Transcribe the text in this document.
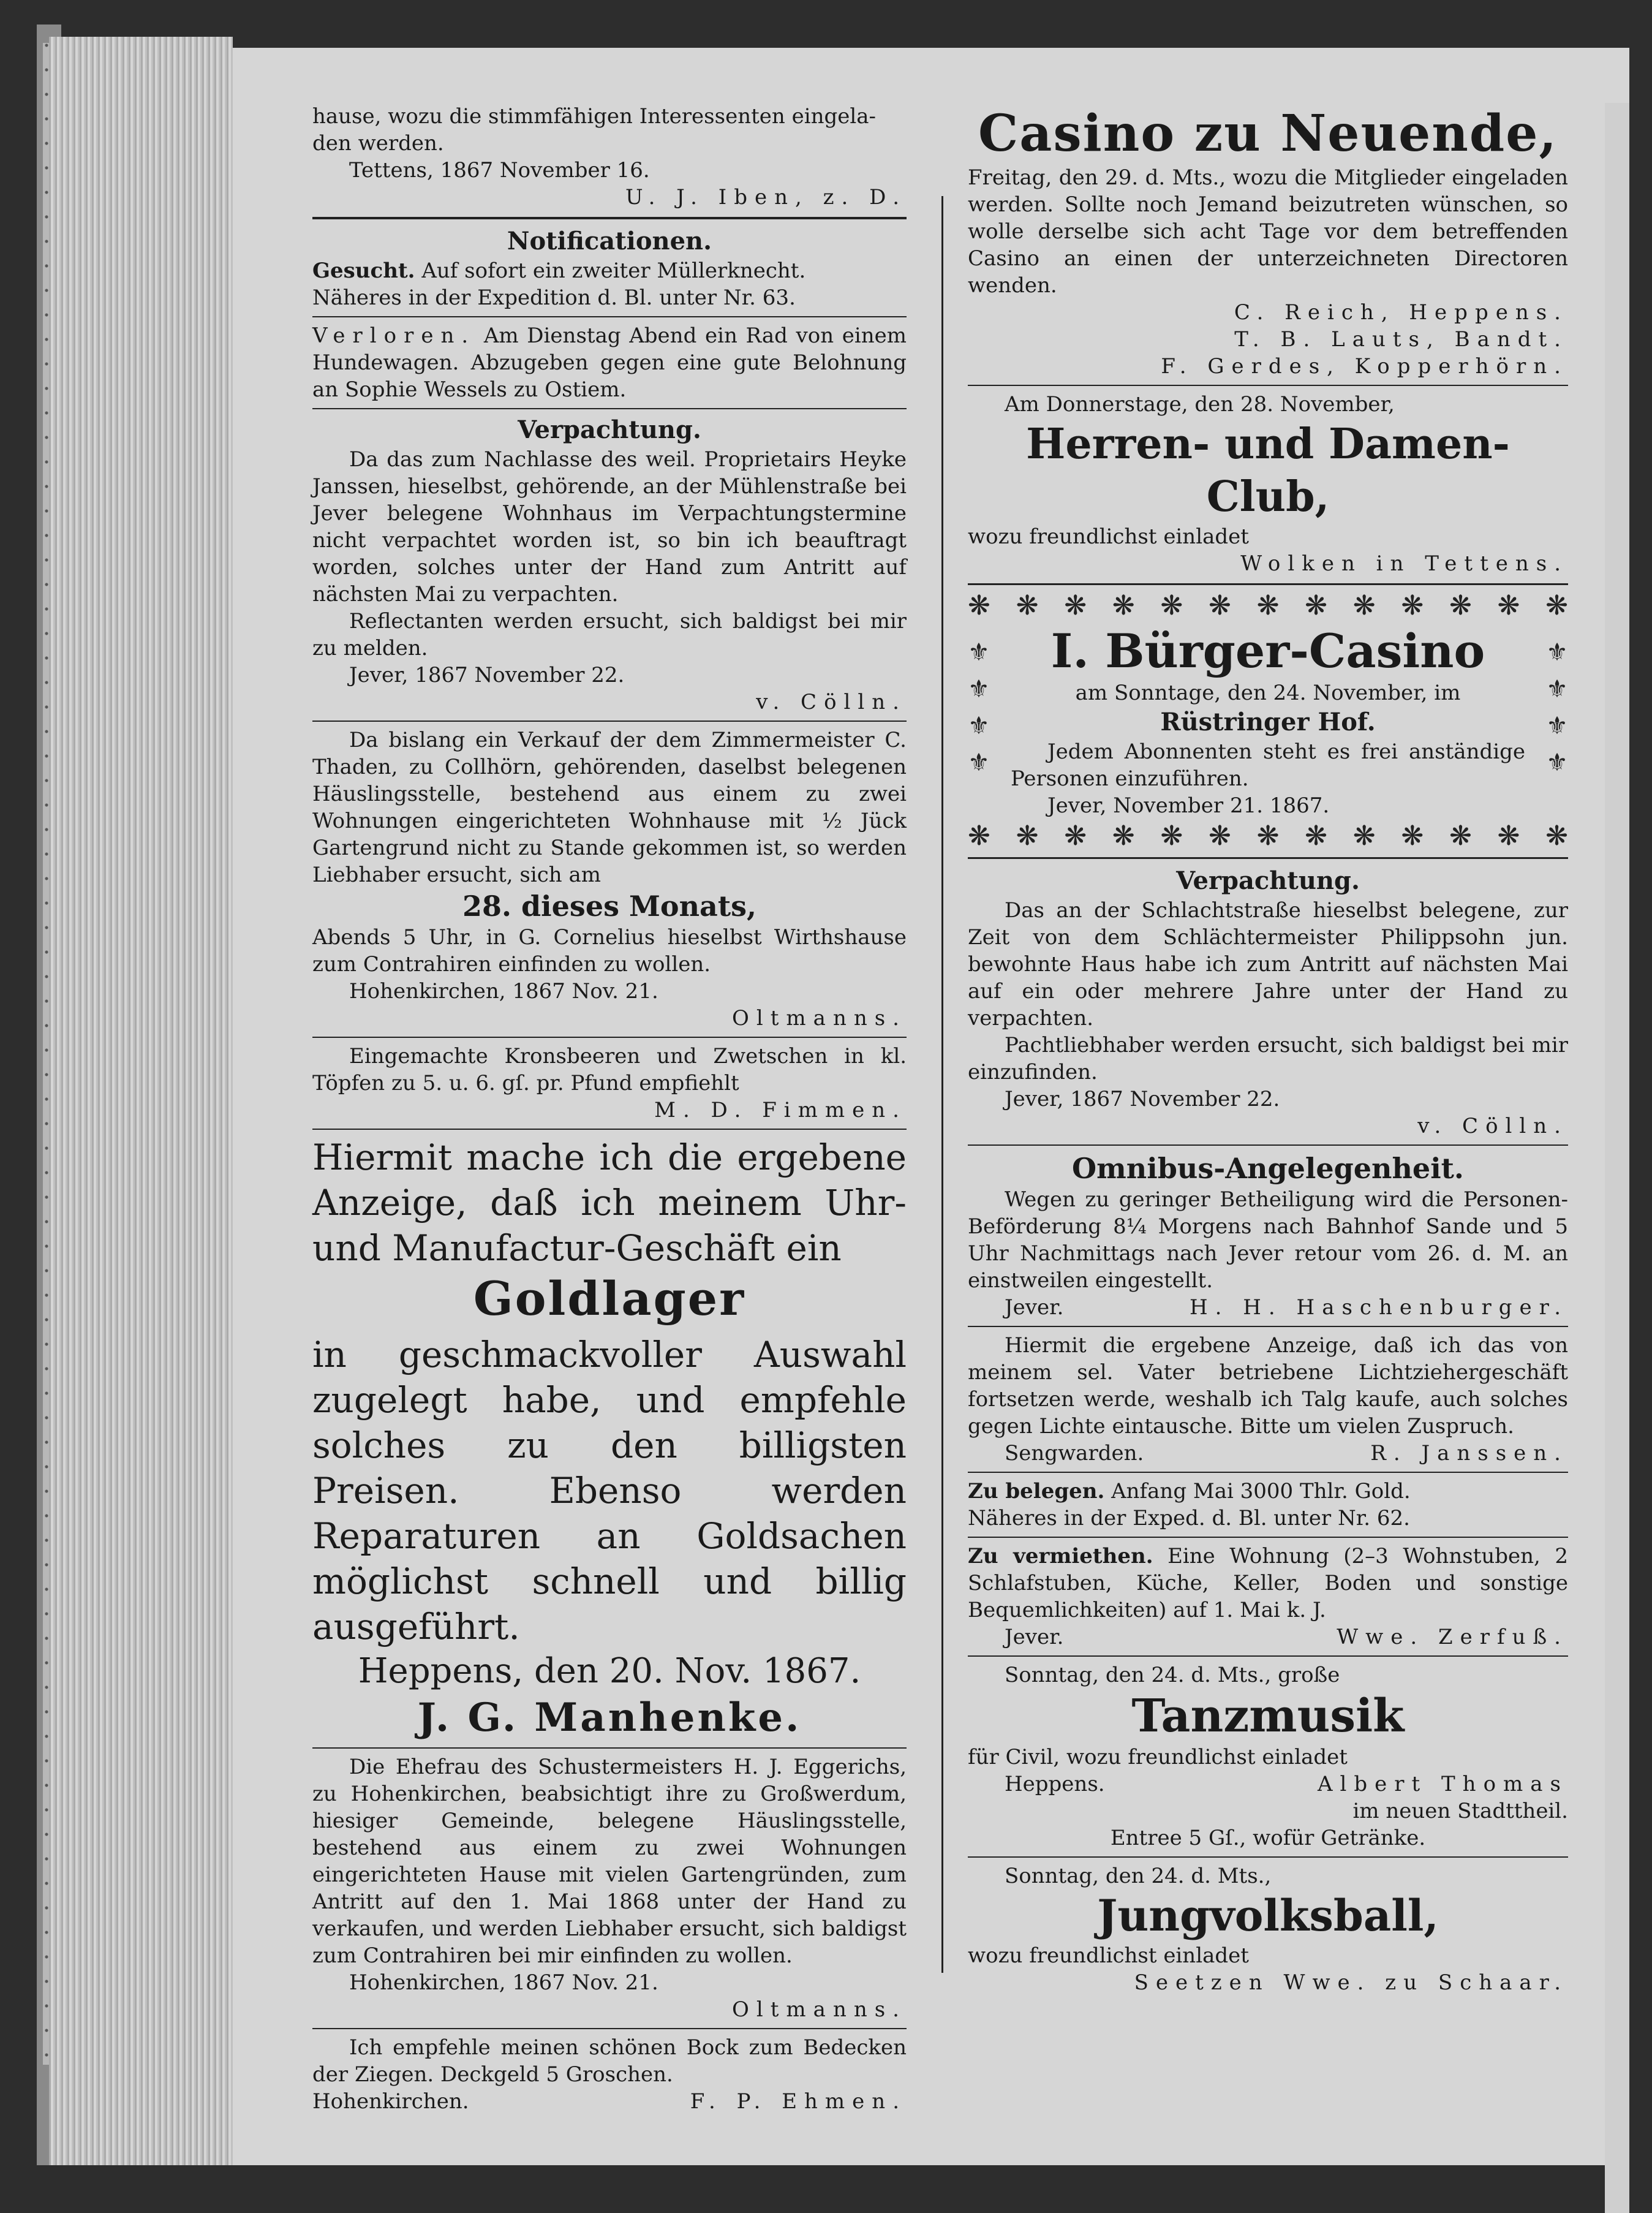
hause, wozu die stimmfähigen Interessenten eingela-

den werden.

Tettens, 1867 November 16.

U. J. Iben, z. D.

Notificationen.

Gesucht. Auf sofort ein zweiter Müllerknecht.

Näheres in der Expedition d. Bl. unter Nr. 63.

Verloren. Am Dienstag Abend ein Rad von einem Hundewagen. Abzugeben gegen eine gute Belohnung an Sophie Wessels zu Ostiem.

Verpachtung.

Da das zum Nachlasse des weil. Proprietairs Heyke Janssen, hieselbst, gehörende, an der Mühlenstraße bei Jever belegene Wohnhaus im Verpachtungstermine nicht verpachtet worden ist, so bin ich beauftragt worden, solches unter der Hand zum Antritt auf nächsten Mai zu verpachten.

Reflectanten werden ersucht, sich baldigst bei mir zu melden.

Jever, 1867 November 22.

v. Cölln.

Da bislang ein Verkauf der dem Zimmermeister C. Thaden, zu Collhörn, gehörenden, daselbst belegenen Häuslingsstelle, bestehend aus einem zu zwei Wohnungen eingerichteten Wohnhause mit ½ Jück Gartengrund nicht zu Stande gekommen ist, so werden Liebhaber ersucht, sich am

28. dieses Monats,

Abends 5 Uhr, in G. Cornelius hieselbst Wirthshause zum Contrahiren einfinden zu wollen.

Hohenkirchen, 1867 Nov. 21.

Oltmanns.

Eingemachte Kronsbeeren und Zwetschen in kl. Töpfen zu 5. u. 6. gſ. pr. Pfund empfiehlt

M. D. Fimmen.

Hiermit mache ich die ergebene Anzeige, daß ich meinem Uhr- und Manufactur-Geschäft ein
Goldlager
in geschmackvoller Auswahl zugelegt habe, und empfehle solches zu den billigsten Preisen. Ebenso werden Reparaturen an Goldsachen möglichst schnell und billig ausgeführt.
Heppens, den 20. Nov. 1867.
J. G. Manhenke.

Die Ehefrau des Schustermeisters H. J. Eggerichs, zu Hohenkirchen, beabsichtigt ihre zu Großwerdum, hiesiger Gemeinde, belegene Häuslingsstelle, bestehend aus einem zu zwei Wohnungen eingerichteten Hause mit vielen Gartengründen, zum Antritt auf den 1. Mai 1868 unter der Hand zu verkaufen, und werden Liebhaber ersucht, sich baldigst zum Contrahiren bei mir einfinden zu wollen.

Hohenkirchen, 1867 Nov. 21.

Oltmanns.

Ich empfehle meinen schönen Bock zum Bedecken der Ziegen. Deckgeld 5 Groschen.

Hohenkirchen.	F. P. Ehmen.
Casino zu Neuende,

Freitag, den 29. d. Mts., wozu die Mitglieder eingeladen werden. Sollte noch Jemand beizutreten wünschen, so wolle derselbe sich acht Tage vor dem betreffenden Casino an einen der unterzeichneten Directoren wenden.

C. Reich, Heppens.

T. B. Lauts, Bandt.

F. Gerdes, Kopperhörn.

Am Donnerstage, den 28. November,

Herren- und Damen-Club,

wozu freundlichst einladet

Wolken in Tettens.

❋ ❋ ❋ ❋ ❋ ❋ ❋ ❋ ❋ ❋ ❋ ❋ ❋
⚜
⚜
⚜
⚜
⚜
⚜
⚜
⚜
I. Bürger-Casino

am Sonntage, den 24. November, im

Rüstringer Hof.

Jedem Abonnenten steht es frei anständige Personen einzuführen.

Jever, November 21. 1867.

❋ ❋ ❋ ❋ ❋ ❋ ❋ ❋ ❋ ❋ ❋ ❋ ❋
Verpachtung.

Das an der Schlachtstraße hieselbst belegene, zur Zeit von dem Schlächtermeister Philippsohn jun. bewohnte Haus habe ich zum Antritt auf nächsten Mai auf ein oder mehrere Jahre unter der Hand zu verpachten.

Pachtliebhaber werden ersucht, sich baldigst bei mir einzufinden.

Jever, 1867 November 22.

v. Cölln.

Omnibus-Angelegenheit.

Wegen zu geringer Betheiligung wird die Personen-Beförderung 8¼ Morgens nach Bahnhof Sande und 5 Uhr Nachmittags nach Jever retour vom 26. d. M. an einstweilen eingestellt.

Jever.	H. H. Haschenburger.

Hiermit die ergebene Anzeige, daß ich das von meinem sel. Vater betriebene Lichtziehergeschäft fortsetzen werde, weshalb ich Talg kaufe, auch solches gegen Lichte eintausche. Bitte um vielen Zuspruch.

Sengwarden.	R. Janssen.

Zu belegen. Anfang Mai 3000 Thlr. Gold.

Näheres in der Exped. d. Bl. unter Nr. 62.

Zu vermiethen. Eine Wohnung (2–3 Wohnstuben, 2 Schlafstuben, Küche, Keller, Boden und sonstige Bequemlichkeiten) auf 1. Mai k. J.

Jever.	Wwe. Zerfuß.

Sonntag, den 24. d. Mts., große

Tanzmusik

für Civil, wozu freundlichst einladet

Heppens.	Albert Thomas

im neuen Stadttheil.

Entree 5 Gſ., wofür Getränke.

Sonntag, den 24. d. Mts.,

Jungvolksball,

wozu freundlichst einladet

Seetzen Wwe. zu Schaar.
